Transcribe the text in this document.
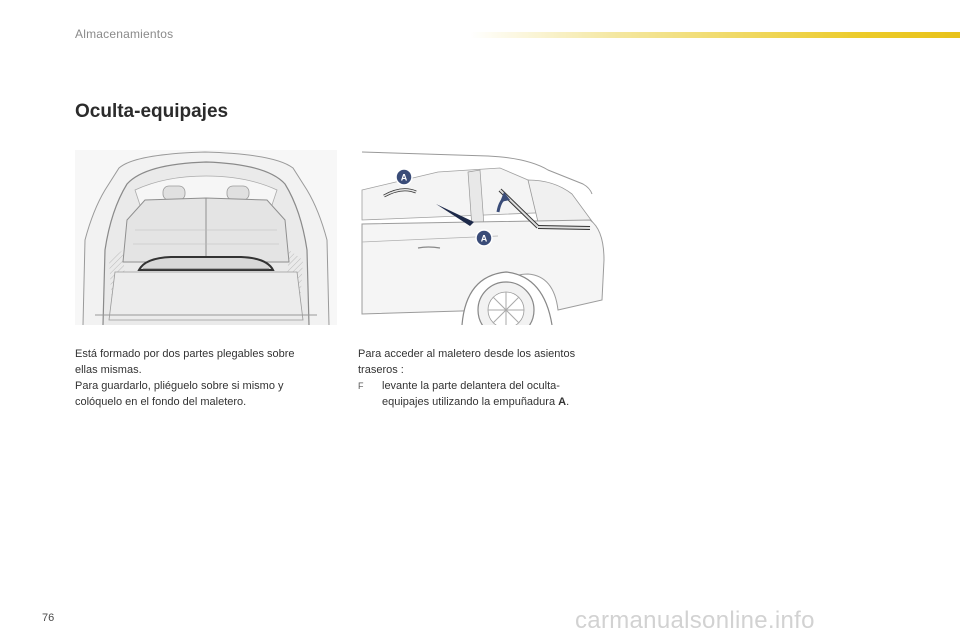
Almacenamientos
Oculta-equipajes
A
A

Está formado por dos partes plegables sobre

ellas mismas.

Para guardarlo, pliéguelo sobre si mismo y

colóquelo en el fondo del maletero.

Para acceder al maletero desde los asientos

traseros :

F	levante la parte delantera del oculta-

equipajes utilizando la empuñadura A.

76	carmanualsonline.info
